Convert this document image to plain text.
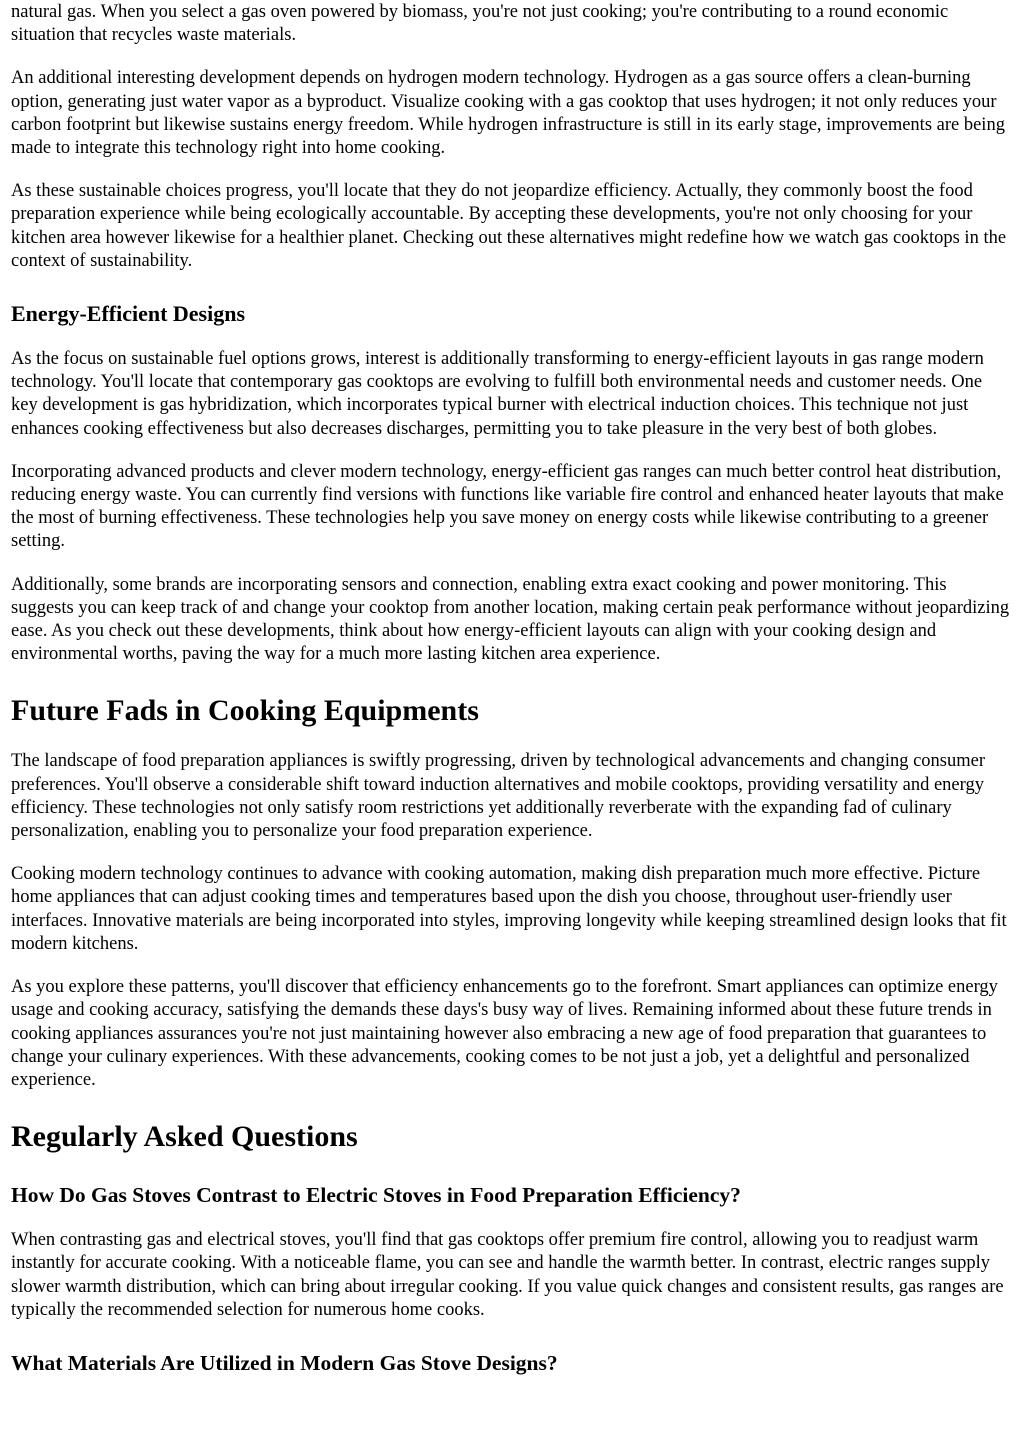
natural gas. When you select a gas oven powered by biomass, you're not just cooking; you're contributing to a round economic situation that recycles waste materials.

An additional interesting development depends on hydrogen modern technology. Hydrogen as a gas source offers a clean-burning option, generating just water vapor as a byproduct. Visualize cooking with a gas cooktop that uses hydrogen; it not only reduces your carbon footprint but likewise sustains energy freedom. While hydrogen infrastructure is still in its early stage, improvements are being made to integrate this technology right into home cooking.

As these sustainable choices progress, you'll locate that they do not jeopardize efficiency. Actually, they commonly boost the food preparation experience while being ecologically accountable. By accepting these developments, you're not only choosing for your kitchen area however likewise for a healthier planet. Checking out these alternatives might redefine how we watch gas cooktops in the context of sustainability.

Energy-Efficient Designs

As the focus on sustainable fuel options grows, interest is additionally transforming to energy-efficient layouts in gas range modern technology. You'll locate that contemporary gas cooktops are evolving to fulfill both environmental needs and customer needs. One key development is gas hybridization, which incorporates typical burner with electrical induction choices. This technique not just enhances cooking effectiveness but also decreases discharges, permitting you to take pleasure in the very best of both globes.

Incorporating advanced products and clever modern technology, energy-efficient gas ranges can much better control heat distribution, reducing energy waste. You can currently find versions with functions like variable fire control and enhanced heater layouts that make the most of burning effectiveness. These technologies help you save money on energy costs while likewise contributing to a greener setting.

Additionally, some brands are incorporating sensors and connection, enabling extra exact cooking and power monitoring. This suggests you can keep track of and change your cooktop from another location, making certain peak performance without jeopardizing ease. As you check out these developments, think about how energy-efficient layouts can align with your cooking design and environmental worths, paving the way for a much more lasting kitchen area experience.

Future Fads in Cooking Equipments

The landscape of food preparation appliances is swiftly progressing, driven by technological advancements and changing consumer preferences. You'll observe a considerable shift toward induction alternatives and mobile cooktops, providing versatility and energy efficiency. These technologies not only satisfy room restrictions yet additionally reverberate with the expanding fad of culinary personalization, enabling you to personalize your food preparation experience.

Cooking modern technology continues to advance with cooking automation, making dish preparation much more effective. Picture home appliances that can adjust cooking times and temperatures based upon the dish you choose, throughout user-friendly user interfaces. Innovative materials are being incorporated into styles, improving longevity while keeping streamlined design looks that fit modern kitchens.

As you explore these patterns, you'll discover that efficiency enhancements go to the forefront. Smart appliances can optimize energy usage and cooking accuracy, satisfying the demands these days's busy way of lives. Remaining informed about these future trends in cooking appliances assurances you're not just maintaining however also embracing a new age of food preparation that guarantees to change your culinary experiences. With these advancements, cooking comes to be not just a job, yet a delightful and personalized experience.

Regularly Asked Questions
How Do Gas Stoves Contrast to Electric Stoves in Food Preparation Efficiency?

When contrasting gas and electrical stoves, you'll find that gas cooktops offer premium fire control, allowing you to readjust warm instantly for accurate cooking. With a noticeable flame, you can see and handle the warmth better. In contrast, electric ranges supply slower warmth distribution, which can bring about irregular cooking. If you value quick changes and consistent results, gas ranges are typically the recommended selection for numerous home cooks.

What Materials Are Utilized in Modern Gas Stove Designs?
